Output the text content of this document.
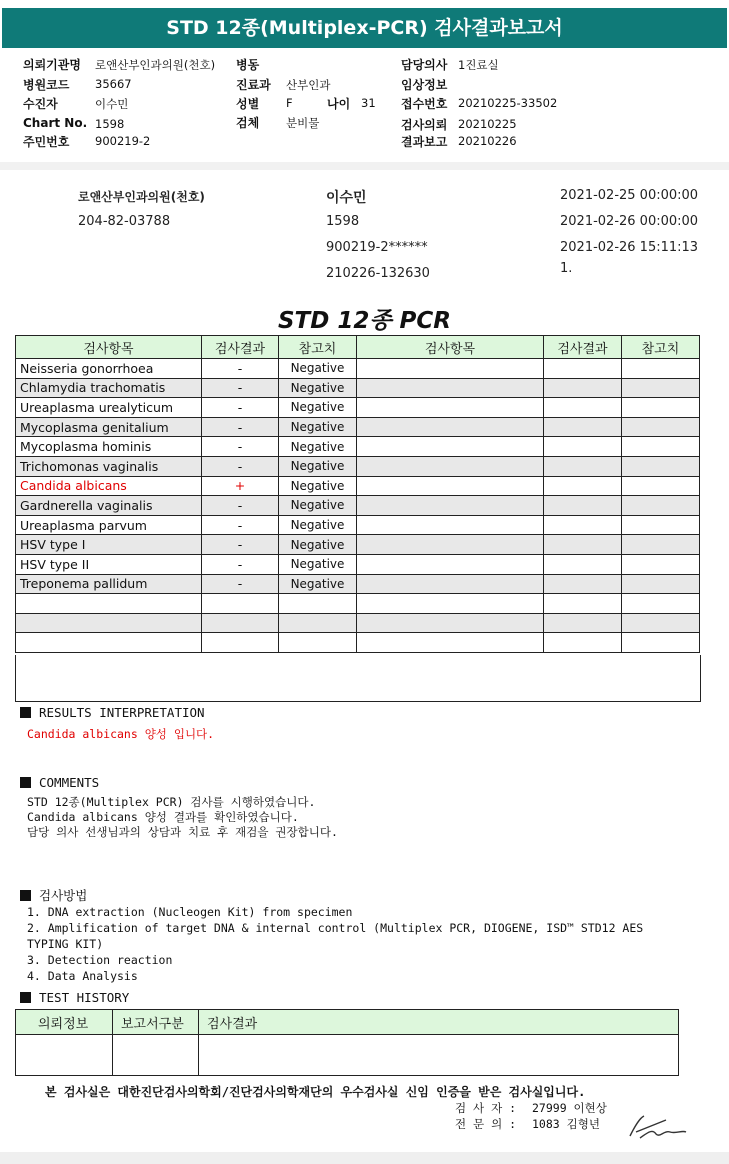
STD 12종(Multiplex-PCR) 검사결과보고서
의뢰기관명 로앤산부인과의원(천호) 병동	담당의사 1진료실
병원코드 35667	진료과 산부인과	임상정보
수진자	이수민	성별 F	나이 31 접수번호 20210225-33502
Chart No. 1598	검체 분비물	검사의뢰 20210225
주민번호 900219-2	결과보고 20210226
로앤산부인과의원(천호)
204-82-03788
이수민
1598
900219-2******
210226-132630
2021-02-25 00:00:00
2021-02-26 00:00:00
2021-02-26 15:11:13
1.
STD 12종 PCR
검사항목	검사결과	참고치	검사항목	검사결과	참고치
Neisseria gonorrhoea	-	Negative			
Chlamydia trachomatis	-	Negative			
Ureaplasma urealyticum	-	Negative			
Mycoplasma genitalium	-	Negative			
Mycoplasma hominis	-	Negative			
Trichomonas vaginalis	-	Negative			
Candida albicans	+	Negative			
Gardnerella vaginalis	-	Negative			
Ureaplasma parvum	-	Negative			
HSV type I	-	Negative			
HSV type II	-	Negative			
Treponema pallidum	-	Negative			

RESULTS INTERPRETATION
Candida albicans 양성 입니다.
COMMENTS
STD 12종(Multiplex PCR) 검사를 시행하였습니다.
Candida albicans 양성 결과를 확인하였습니다.
담당 의사 선생님과의 상담과 치료 후 재검을 권장합니다.
검사방법
1. DNA extraction (Nucleogen Kit) from specimen
2. Amplification of target DNA & internal control (Multiplex PCR, DIOGENE, ISD™ STD12 AES
TYPING KIT)
3. Detection reaction
4. Data Analysis
TEST HISTORY
의뢰정보	보고서구분	검사결과

본 검사실은 대한진단검사의학회/진단검사의학재단의 우수검사실 신임 인증을 받은 검사실입니다.
검 사 자 : 27999 이현상
전 문 의 : 1083 김형년
